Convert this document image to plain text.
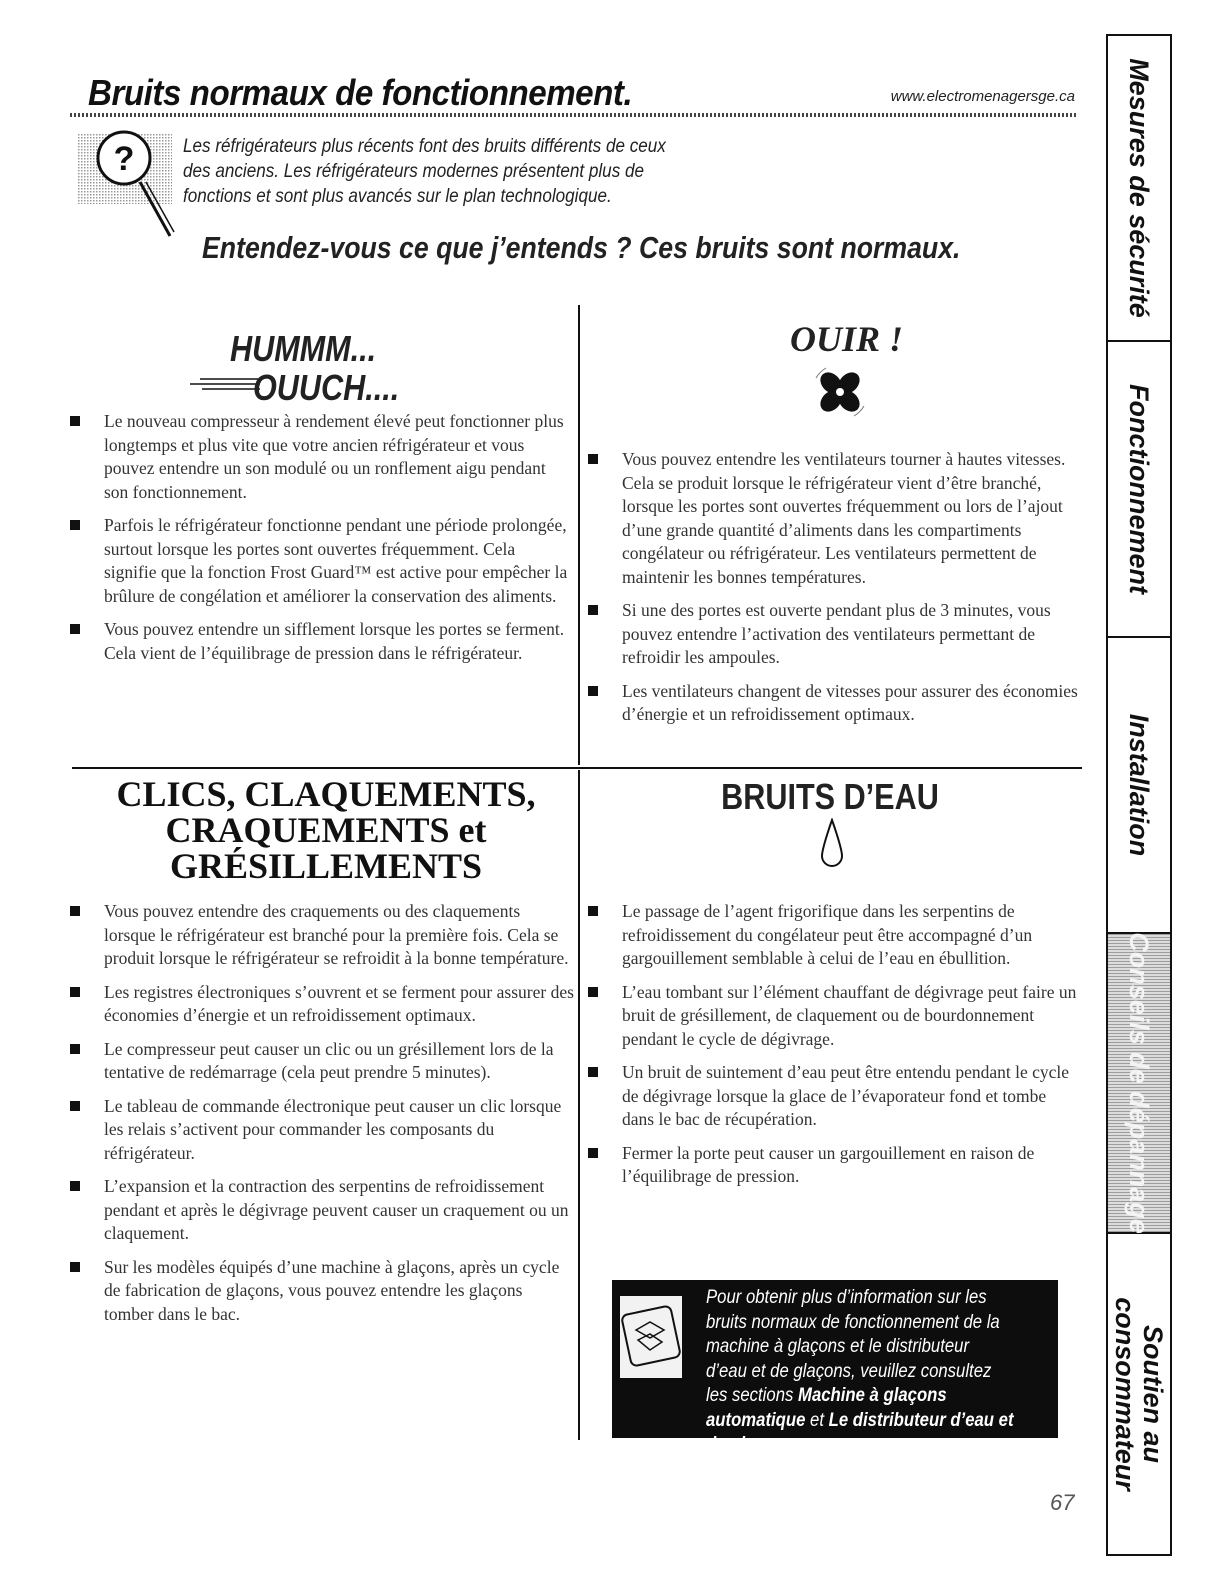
Bruits normaux de fonctionnement.	www.electromenagersge.ca
?	Les réfrigérateurs plus récents font des bruits différents de ceux des anciens. Les réfrigérateurs modernes présentent plus de fonctions et sont plus avancés sur le plan technologique.
Entendez-vous ce que j’entends ? Ces bruits sont normaux.
HUMMM...
OUUCH....
Le nouveau compresseur à rendement élevé peut fonctionner plus longtemps et plus vite que votre ancien réfrigérateur et vous pouvez entendre un son modulé ou un ronflement aigu pendant son fonctionnement.
Parfois le réfrigérateur fonctionne pendant une période prolongée, surtout lorsque les portes sont ouvertes fréquemment. Cela signifie que la fonction Frost Guard™ est active pour empêcher la brûlure de congélation et améliorer la conservation des aliments.
Vous pouvez entendre un sifflement lorsque les portes se ferment. Cela vient de l’équilibrage de pression dans le réfrigérateur.
OUIR !
Vous pouvez entendre les ventilateurs tourner à hautes vitesses. Cela se produit lorsque le réfrigérateur vient d’être branché, lorsque les portes sont ouvertes fréquemment ou lors de l’ajout d’une grande quantité d’aliments dans les compartiments congélateur ou réfrigérateur. Les ventilateurs permettent de maintenir les bonnes températures.
Si une des portes est ouverte pendant plus de 3 minutes, vous pouvez entendre l’activation des ventilateurs permettant de refroidir les ampoules.
Les ventilateurs changent de vitesses pour assurer des économies d’énergie et un refroidissement optimaux.
CLICS, CLAQUEMENTS,
CRAQUEMENTS et
GRÉSILLEMENTS
Vous pouvez entendre des craquements ou des claquements lorsque le réfrigérateur est branché pour la première fois. Cela se produit lorsque le réfrigérateur se refroidit à la bonne température.
Les registres électroniques s’ouvrent et se ferment pour assurer des économies d’énergie et un refroidissement optimaux.
Le compresseur peut causer un clic ou un grésillement lors de la tentative de redémarrage (cela peut prendre 5 minutes).
Le tableau de commande électronique peut causer un clic lorsque les relais s’activent pour commander les composants du réfrigérateur.
L’expansion et la contraction des serpentins de refroidissement pendant et après le dégivrage peuvent causer un craquement ou un claquement.
Sur les modèles équipés d’une machine à glaçons, après un cycle de fabrication de glaçons, vous pouvez entendre les glaçons tomber dans le bac.
BRUITS D’EAU
Le passage de l’agent frigorifique dans les serpentins de refroidissement du congélateur peut être accompagné d’un gargouillement semblable à celui de l’eau en ébullition.
L’eau tombant sur l’élément chauffant de dégivrage peut faire un bruit de grésillement, de claquement ou de bourdonnement pendant le cycle de dégivrage.
Un bruit de suintement d’eau peut être entendu pendant le cycle de dégivrage lorsque la glace de l’évaporateur fond et tombe dans le bac de récupération.
Fermer la porte peut causer un gargouillement en raison de l’équilibrage de pression.
Pour obtenir plus d’information sur les bruits normaux de fonctionnement de la machine à glaçons et le distributeur d’eau et de glaçons, veuillez consultez les sections Machine à glaçons automatique et Le distributeur d’eau et de glaçons.
67
Mesures de sécurité
Fonctionnement
Installation
Conseils de dépannage
Soutien au
consommateur
